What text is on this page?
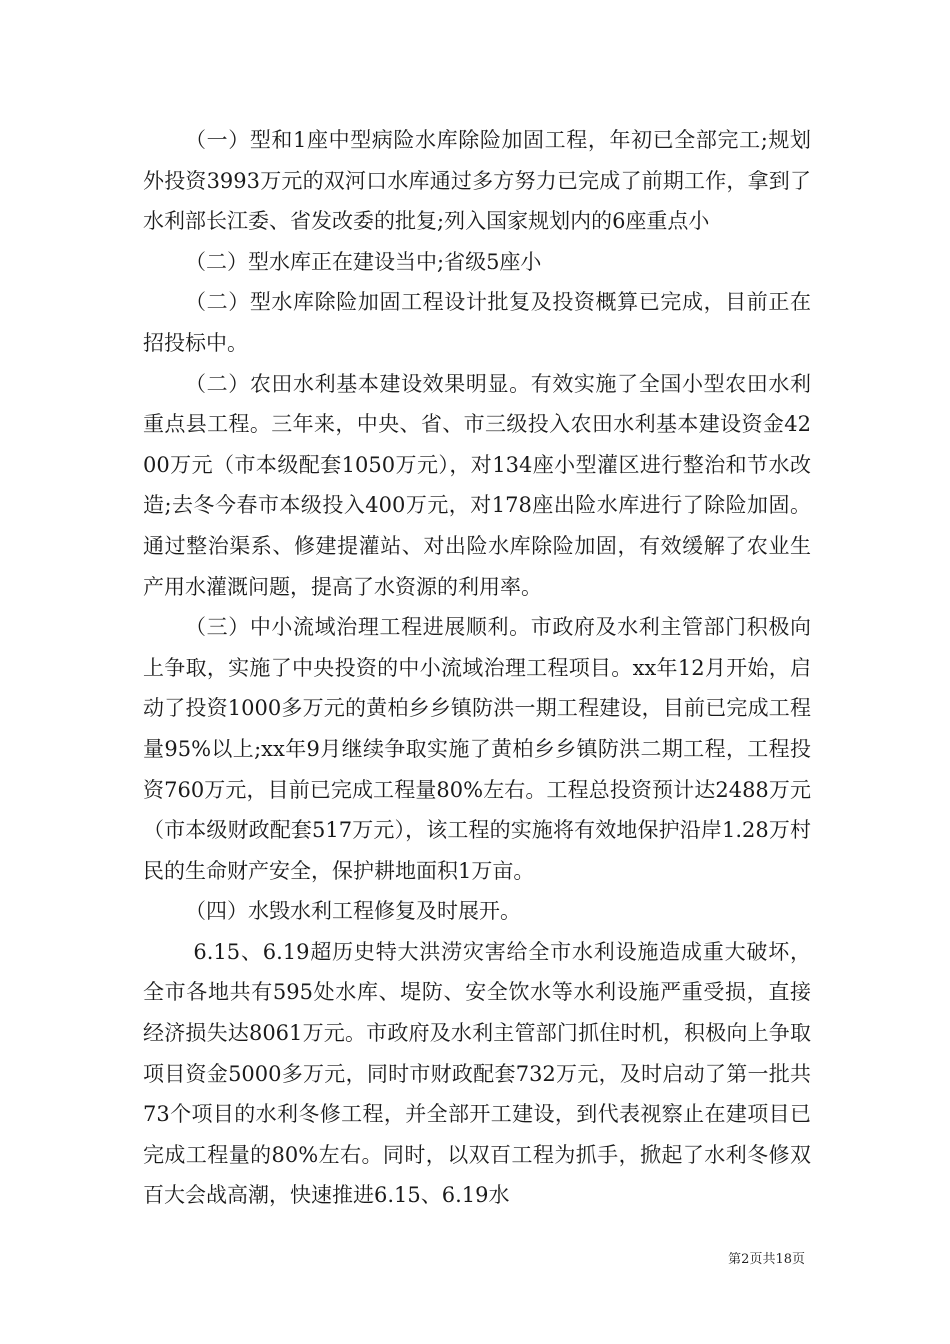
（一）型和1座中型病险水库除险加固工程，年初已全部完工;规划外投资3993万元的双河口水库通过多方努力已完成了前期工作，拿到了水利部长江委、省发改委的批复;列入国家规划内的6座重点小

（二）型水库正在建设当中;省级5座小

（二）型水库除险加固工程设计批复及投资概算已完成，目前正在招投标中。

（二）农田水利基本建设效果明显。有效实施了全国小型农田水利重点县工程。三年来，中央、省、市三级投入农田水利基本建设资金4200万元（市本级配套1050万元），对134座小型灌区进行整治和节水改造;去冬今春市本级投入400万元，对178座出险水库进行了除险加固。通过整治渠系、修建提灌站、对出险水库除险加固，有效缓解了农业生产用水灌溉问题，提高了水资源的利用率。

（三）中小流域治理工程进展顺利。市政府及水利主管部门积极向上争取，实施了中央投资的中小流域治理工程项目。xx年12月开始，启动了投资1000多万元的黄柏乡乡镇防洪一期工程建设，目前已完成工程量95%以上;xx年9月继续争取实施了黄柏乡乡镇防洪二期工程，工程投资760万元，目前已完成工程量80%左右。工程总投资预计达2488万元（市本级财政配套517万元），该工程的实施将有效地保护沿岸1.28万村民的生命财产安全，保护耕地面积1万亩。

（四）水毁水利工程修复及时展开。

6.15、6.19超历史特大洪涝灾害给全市水利设施造成重大破坏，全市各地共有595处水库、堤防、安全饮水等水利设施严重受损，直接经济损失达8061万元。市政府及水利主管部门抓住时机，积极向上争取项目资金5000多万元，同时市财政配套732万元，及时启动了第一批共73个项目的水利冬修工程，并全部开工建设，到代表视察止在建项目已完成工程量的80%左右。同时，以双百工程为抓手，掀起了水利冬修双百大会战高潮，快速推进6.15、6.19水

第2页共18页
